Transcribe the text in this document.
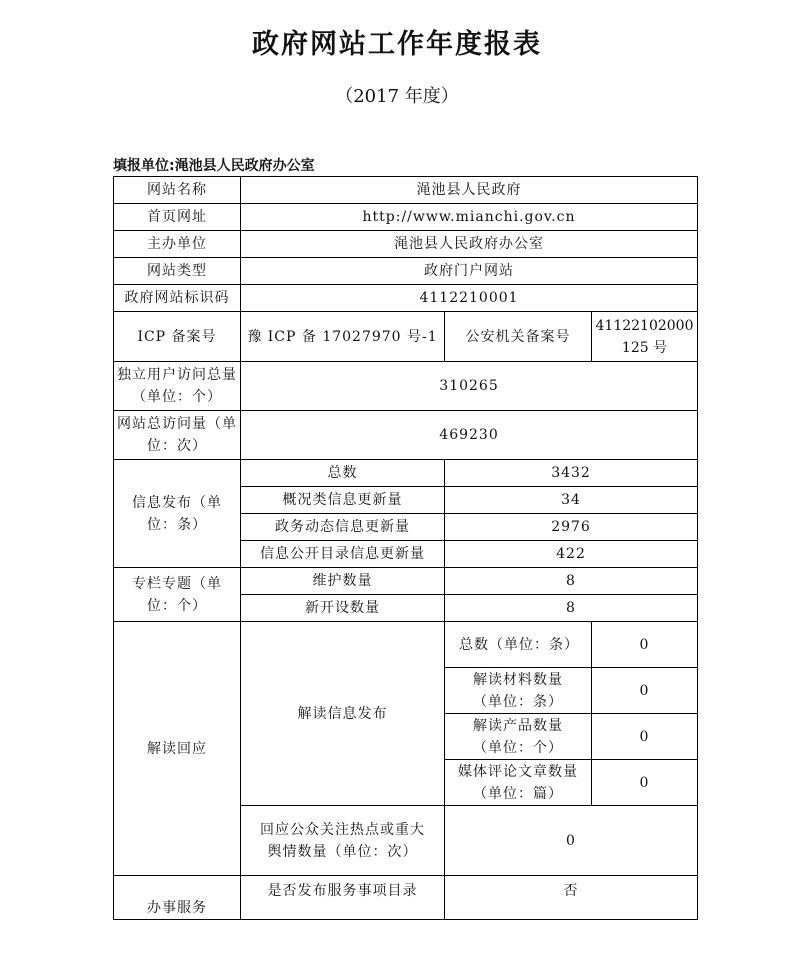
政府网站工作年度报表
（2017 年度）
填报单位:渑池县人民政府办公室
网站名称	渑池县人民政府		
首页网址	http://www.mianchi.gov.cn		
主办单位	渑池县人民政府办公室		
网站类型	政府门户网站		
政府网站标识码	4112210001		
ICP 备案号	豫 ICP 备 17027970 号-1	公安机关备案号	41122102000125 号
独立用户访问总量（单位：个）	310265		
网站总访问量（单位：次）	469230		
信息发布（单位：条）	总数	3432	
	概况类信息更新量	34	
	政务动态信息更新量	2976	
	信息公开目录信息更新量	422	
专栏专题（单位：个）	维护数量	8	
	新开设数量	8	
解读回应	解读信息发布	总数（单位：条）	0
		解读材料数量（单位：条）	0
		解读产品数量（单位：个）	0
		媒体评论文章数量（单位：篇）	0
	回应公众关注热点或重大舆情数量（单位：次）	0	
办事服务	是否发布服务事项目录	否	
